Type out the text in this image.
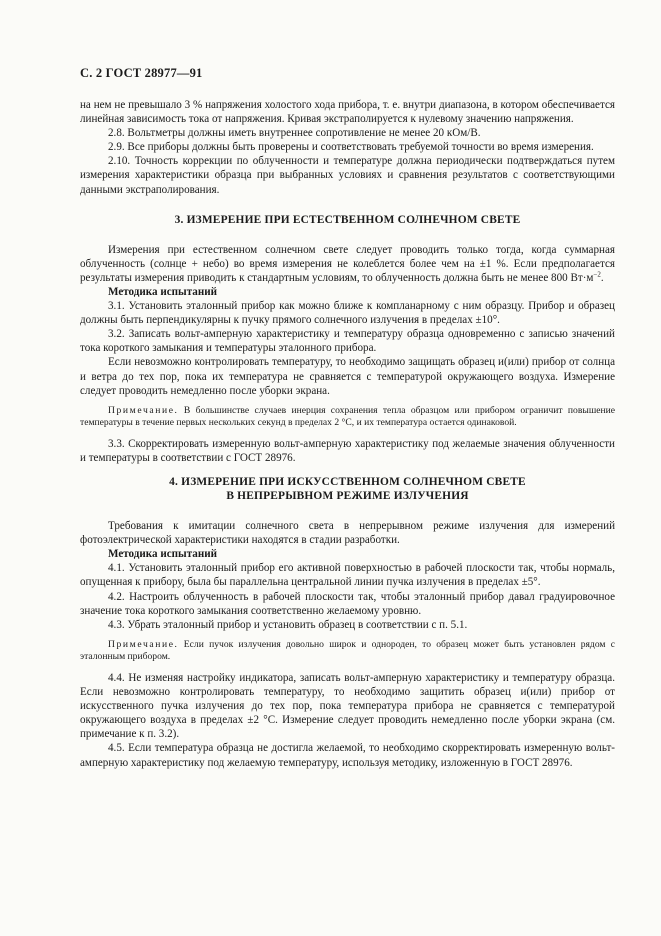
С. 2 ГОСТ 28977—91

на нем не превышало 3 % напряжения холостого хода прибора, т. е. внутри диапазона, в котором обеспечивается линейная зависимость тока от напряжения. Кривая экстраполируется к нулевому значению напряжения.

2.8. Вольтметры должны иметь внутреннее сопротивление не менее 20 кОм/В.

2.9. Все приборы должны быть проверены и соответствовать требуемой точности во время измерения.

2.10. Точность коррекции по облученности и температуре должна периодически подтверждаться путем измерения характеристики образца при выбранных условиях и сравнения результатов с соответствующими данными экстраполирования.

3. ИЗМЕРЕНИЕ ПРИ ЕСТЕСТВЕННОМ СОЛНЕЧНОМ СВЕТЕ

Измерения при естественном солнечном свете следует проводить только тогда, когда суммарная облученность (солнце + небо) во время измерения не колеблется более чем на ±1 %. Если предполагается результаты измерения приводить к стандартным условиям, то облученность должна быть не менее 800 $Вт\cdot м^{-2}$.

Методика испытаний

3.1. Установить эталонный прибор как можно ближе к компланарному с ним образцу. Прибор и образец должны быть перпендикулярны к пучку прямого солнечного излучения в пределах ±10°.

3.2. Записать вольт-амперную характеристику и температуру образца одновременно с записью значений тока короткого замыкания и температуры эталонного прибора.

Если невозможно контролировать температуру, то необходимо защищать образец и(или) прибор от солнца и ветра до тех пор, пока их температура не сравняется с температурой окружающего воздуха. Измерение следует проводить немедленно после уборки экрана.

Примечание. В большинстве случаев инерция сохранения тепла образцом или прибором ограничит повышение температуры в течение первых нескольких секунд в пределах 2 °С, и их температура остается одинаковой.

3.3. Скорректировать измеренную вольт-амперную характеристику под желаемые значения облученности и температуры в соответствии с ГОСТ 28976.

4. ИЗМЕРЕНИЕ ПРИ ИСКУССТВЕННОМ СОЛНЕЧНОМ СВЕТЕ
В НЕПРЕРЫВНОМ РЕЖИМЕ ИЗЛУЧЕНИЯ

Требования к имитации солнечного света в непрерывном режиме излучения для измерений фотоэлектрической характеристики находятся в стадии разработки.

Методика испытаний

4.1. Установить эталонный прибор его активной поверхностью в рабочей плоскости так, чтобы нормаль, опущенная к прибору, была бы параллельна центральной линии пучка излучения в пределах ±5°.

4.2. Настроить облученность в рабочей плоскости так, чтобы эталонный прибор давал градуировочное значение тока короткого замыкания соответственно желаемому уровню.

4.3. Убрать эталонный прибор и установить образец в соответствии с п. 5.1.

Примечание. Если пучок излучения довольно широк и однороден, то образец может быть установлен рядом с эталонным прибором.

4.4. Не изменяя настройку индикатора, записать вольт-амперную характеристику и температуру образца. Если невозможно контролировать температуру, то необходимо защитить образец и(или) прибор от искусственного пучка излучения до тех пор, пока температура прибора не сравняется с температурой окружающего воздуха в пределах ±2 °С. Измерение следует проводить немедленно после уборки экрана (см. примечание к п. 3.2).

4.5. Если температура образца не достигла желаемой, то необходимо скорректировать измеренную вольт-амперную характеристику под желаемую температуру, используя методику, изложенную в ГОСТ 28976.
